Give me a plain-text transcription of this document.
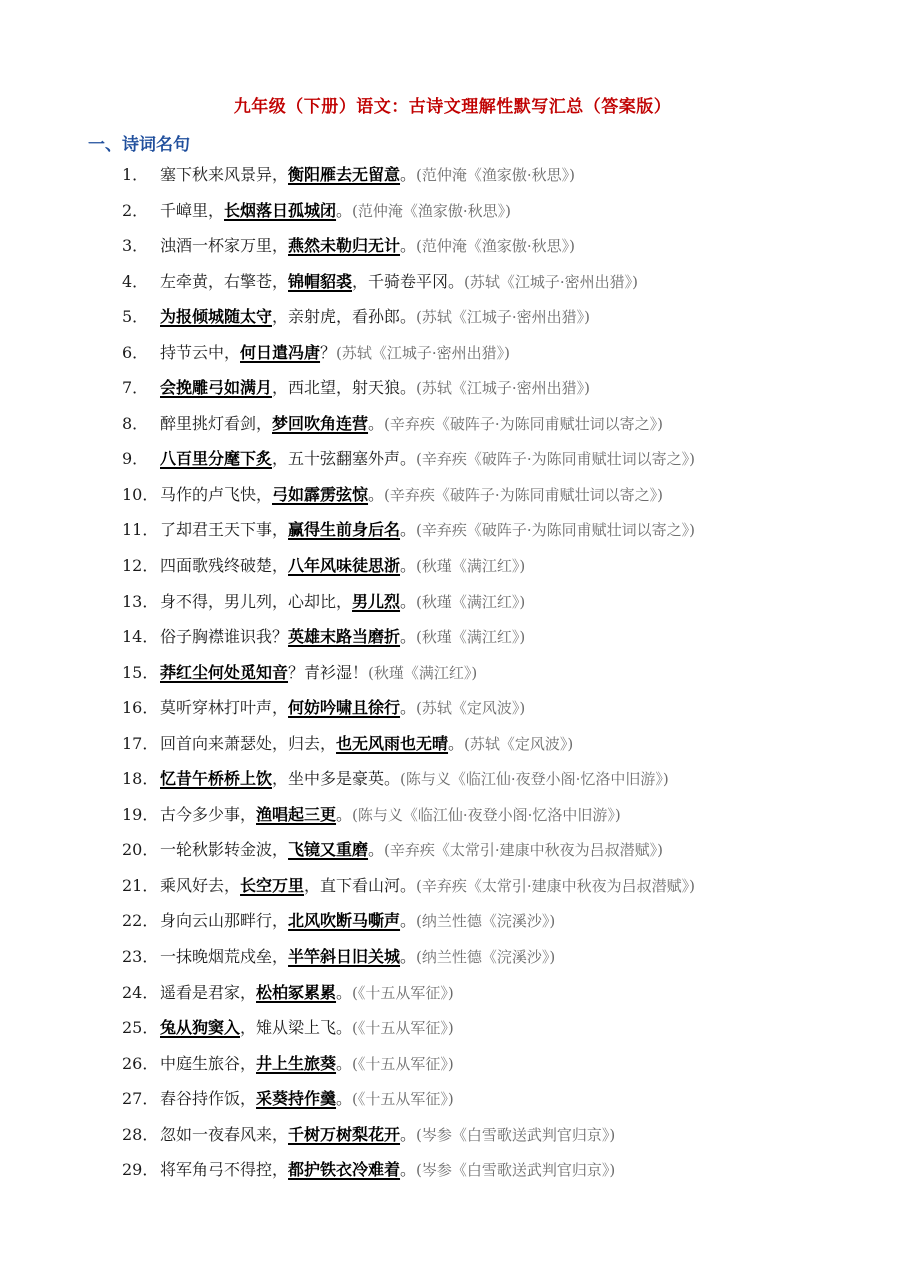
九年级（下册）语文：古诗文理解性默写汇总（答案版）
一、诗词名句
1． 塞下秋来风景异，衡阳雁去无留意。(范仲淹《渔家傲·秋思》)
2． 千嶂里，长烟落日孤城闭。(范仲淹《渔家傲·秋思》)
3． 浊酒一杯家万里，燕然未勒归无计。(范仲淹《渔家傲·秋思》)
4． 左牵黄，右擎苍，锦帽貂裘，千骑卷平冈。(苏轼《江城子·密州出猎》)
5． 为报倾城随太守，亲射虎，看孙郎。(苏轼《江城子·密州出猎》)
6． 持节云中，何日遣冯唐？(苏轼《江城子·密州出猎》)
7． 会挽雕弓如满月，西北望，射天狼。(苏轼《江城子·密州出猎》)
8． 醉里挑灯看剑，梦回吹角连营。(辛弃疾《破阵子·为陈同甫赋壮词以寄之》)
9． 八百里分麾下炙，五十弦翻塞外声。(辛弃疾《破阵子·为陈同甫赋壮词以寄之》)
10． 马作的卢飞快，弓如霹雳弦惊。(辛弃疾《破阵子·为陈同甫赋壮词以寄之》)
11． 了却君王天下事，赢得生前身后名。(辛弃疾《破阵子·为陈同甫赋壮词以寄之》)
12． 四面歌残终破楚，八年风味徒思浙。(秋瑾《满江红》)
13． 身不得，男儿列，心却比，男儿烈。(秋瑾《满江红》)
14． 俗子胸襟谁识我？英雄末路当磨折。(秋瑾《满江红》)
15． 莽红尘何处觅知音？青衫湿！(秋瑾《满江红》)
16． 莫听穿林打叶声，何妨吟啸且徐行。(苏轼《定风波》)
17． 回首向来萧瑟处，归去，也无风雨也无晴。(苏轼《定风波》)
18． 忆昔午桥桥上饮，坐中多是豪英。(陈与义《临江仙·夜登小阁·忆洛中旧游》)
19． 古今多少事，渔唱起三更。(陈与义《临江仙·夜登小阁·忆洛中旧游》)
20． 一轮秋影转金波，飞镜又重磨。(辛弃疾《太常引·建康中秋夜为吕叔潜赋》)
21． 乘风好去，长空万里，直下看山河。(辛弃疾《太常引·建康中秋夜为吕叔潜赋》)
22． 身向云山那畔行，北风吹断马嘶声。(纳兰性德《浣溪沙》)
23． 一抹晚烟荒戍垒，半竿斜日旧关城。(纳兰性德《浣溪沙》)
24． 遥看是君家，松柏冢累累。(《十五从军征》)
25． 兔从狗窦入，雉从梁上飞。(《十五从军征》)
26． 中庭生旅谷，井上生旅葵。(《十五从军征》)
27． 舂谷持作饭，采葵持作羹。(《十五从军征》)
28． 忽如一夜春风来，千树万树梨花开。(岑参《白雪歌送武判官归京》)
29． 将军角弓不得控，都护铁衣冷难着。(岑参《白雪歌送武判官归京》)
